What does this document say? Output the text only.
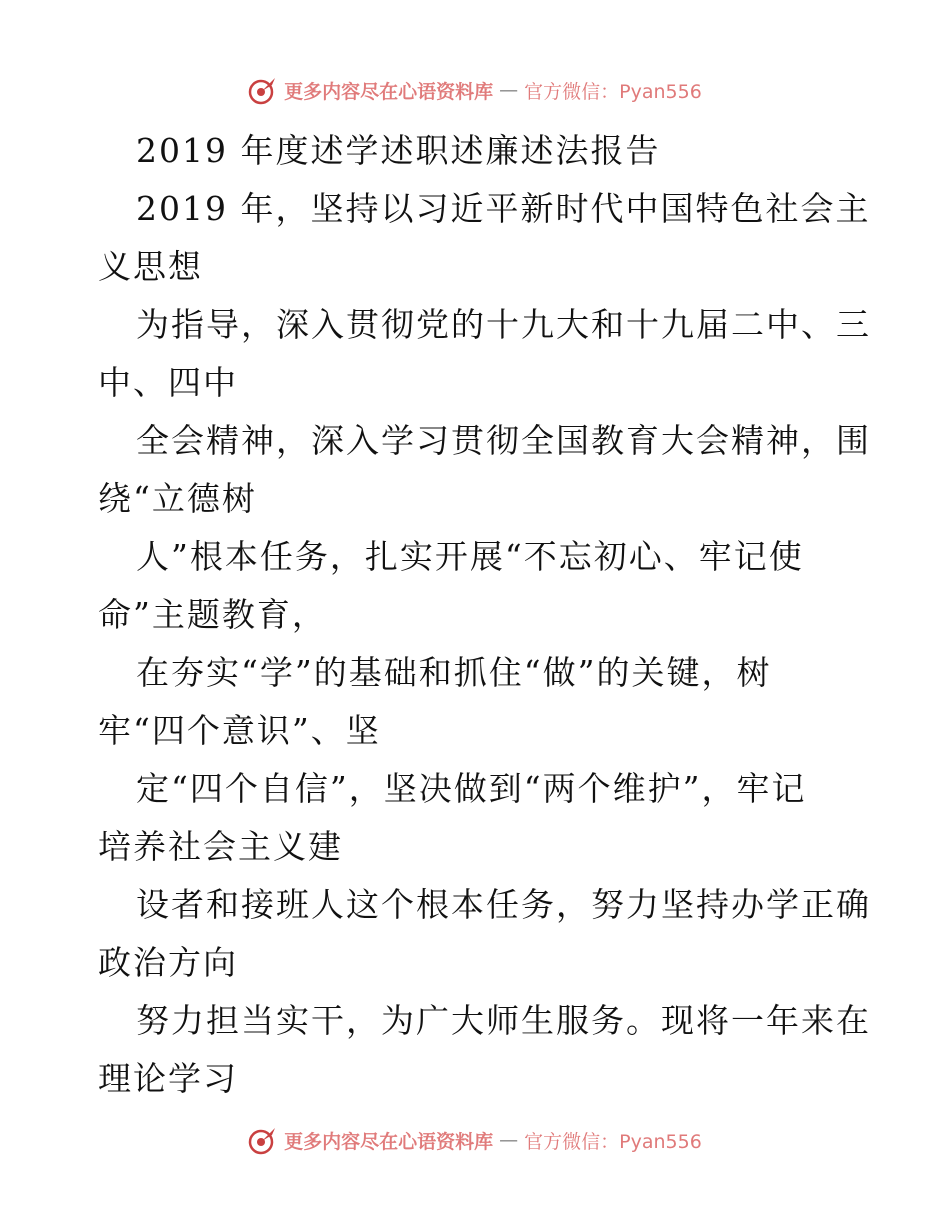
更多内容尽在心语资料库 — 官方微信：Pyan556
2019 年度述学述职述廉述法报告
2019 年，坚持以习近平新时代中国特色社会主
义思想
为指导，深入贯彻党的十九大和十九届二中、三
中、四中
全会精神，深入学习贯彻全国教育大会精神，围
绕“立德树
人”根本任务，扎实开展“不忘初心、牢记使
命”主题教育，
在夯实“学”的基础和抓住“做”的关键，树
牢“四个意识”、坚
定“四个自信”，坚决做到“两个维护”，牢记
培养社会主义建
设者和接班人这个根本任务，努力坚持办学正确
政治方向
努力担当实干，为广大师生服务。现将一年来在
理论学习
更多内容尽在心语资料库 — 官方微信：Pyan556
